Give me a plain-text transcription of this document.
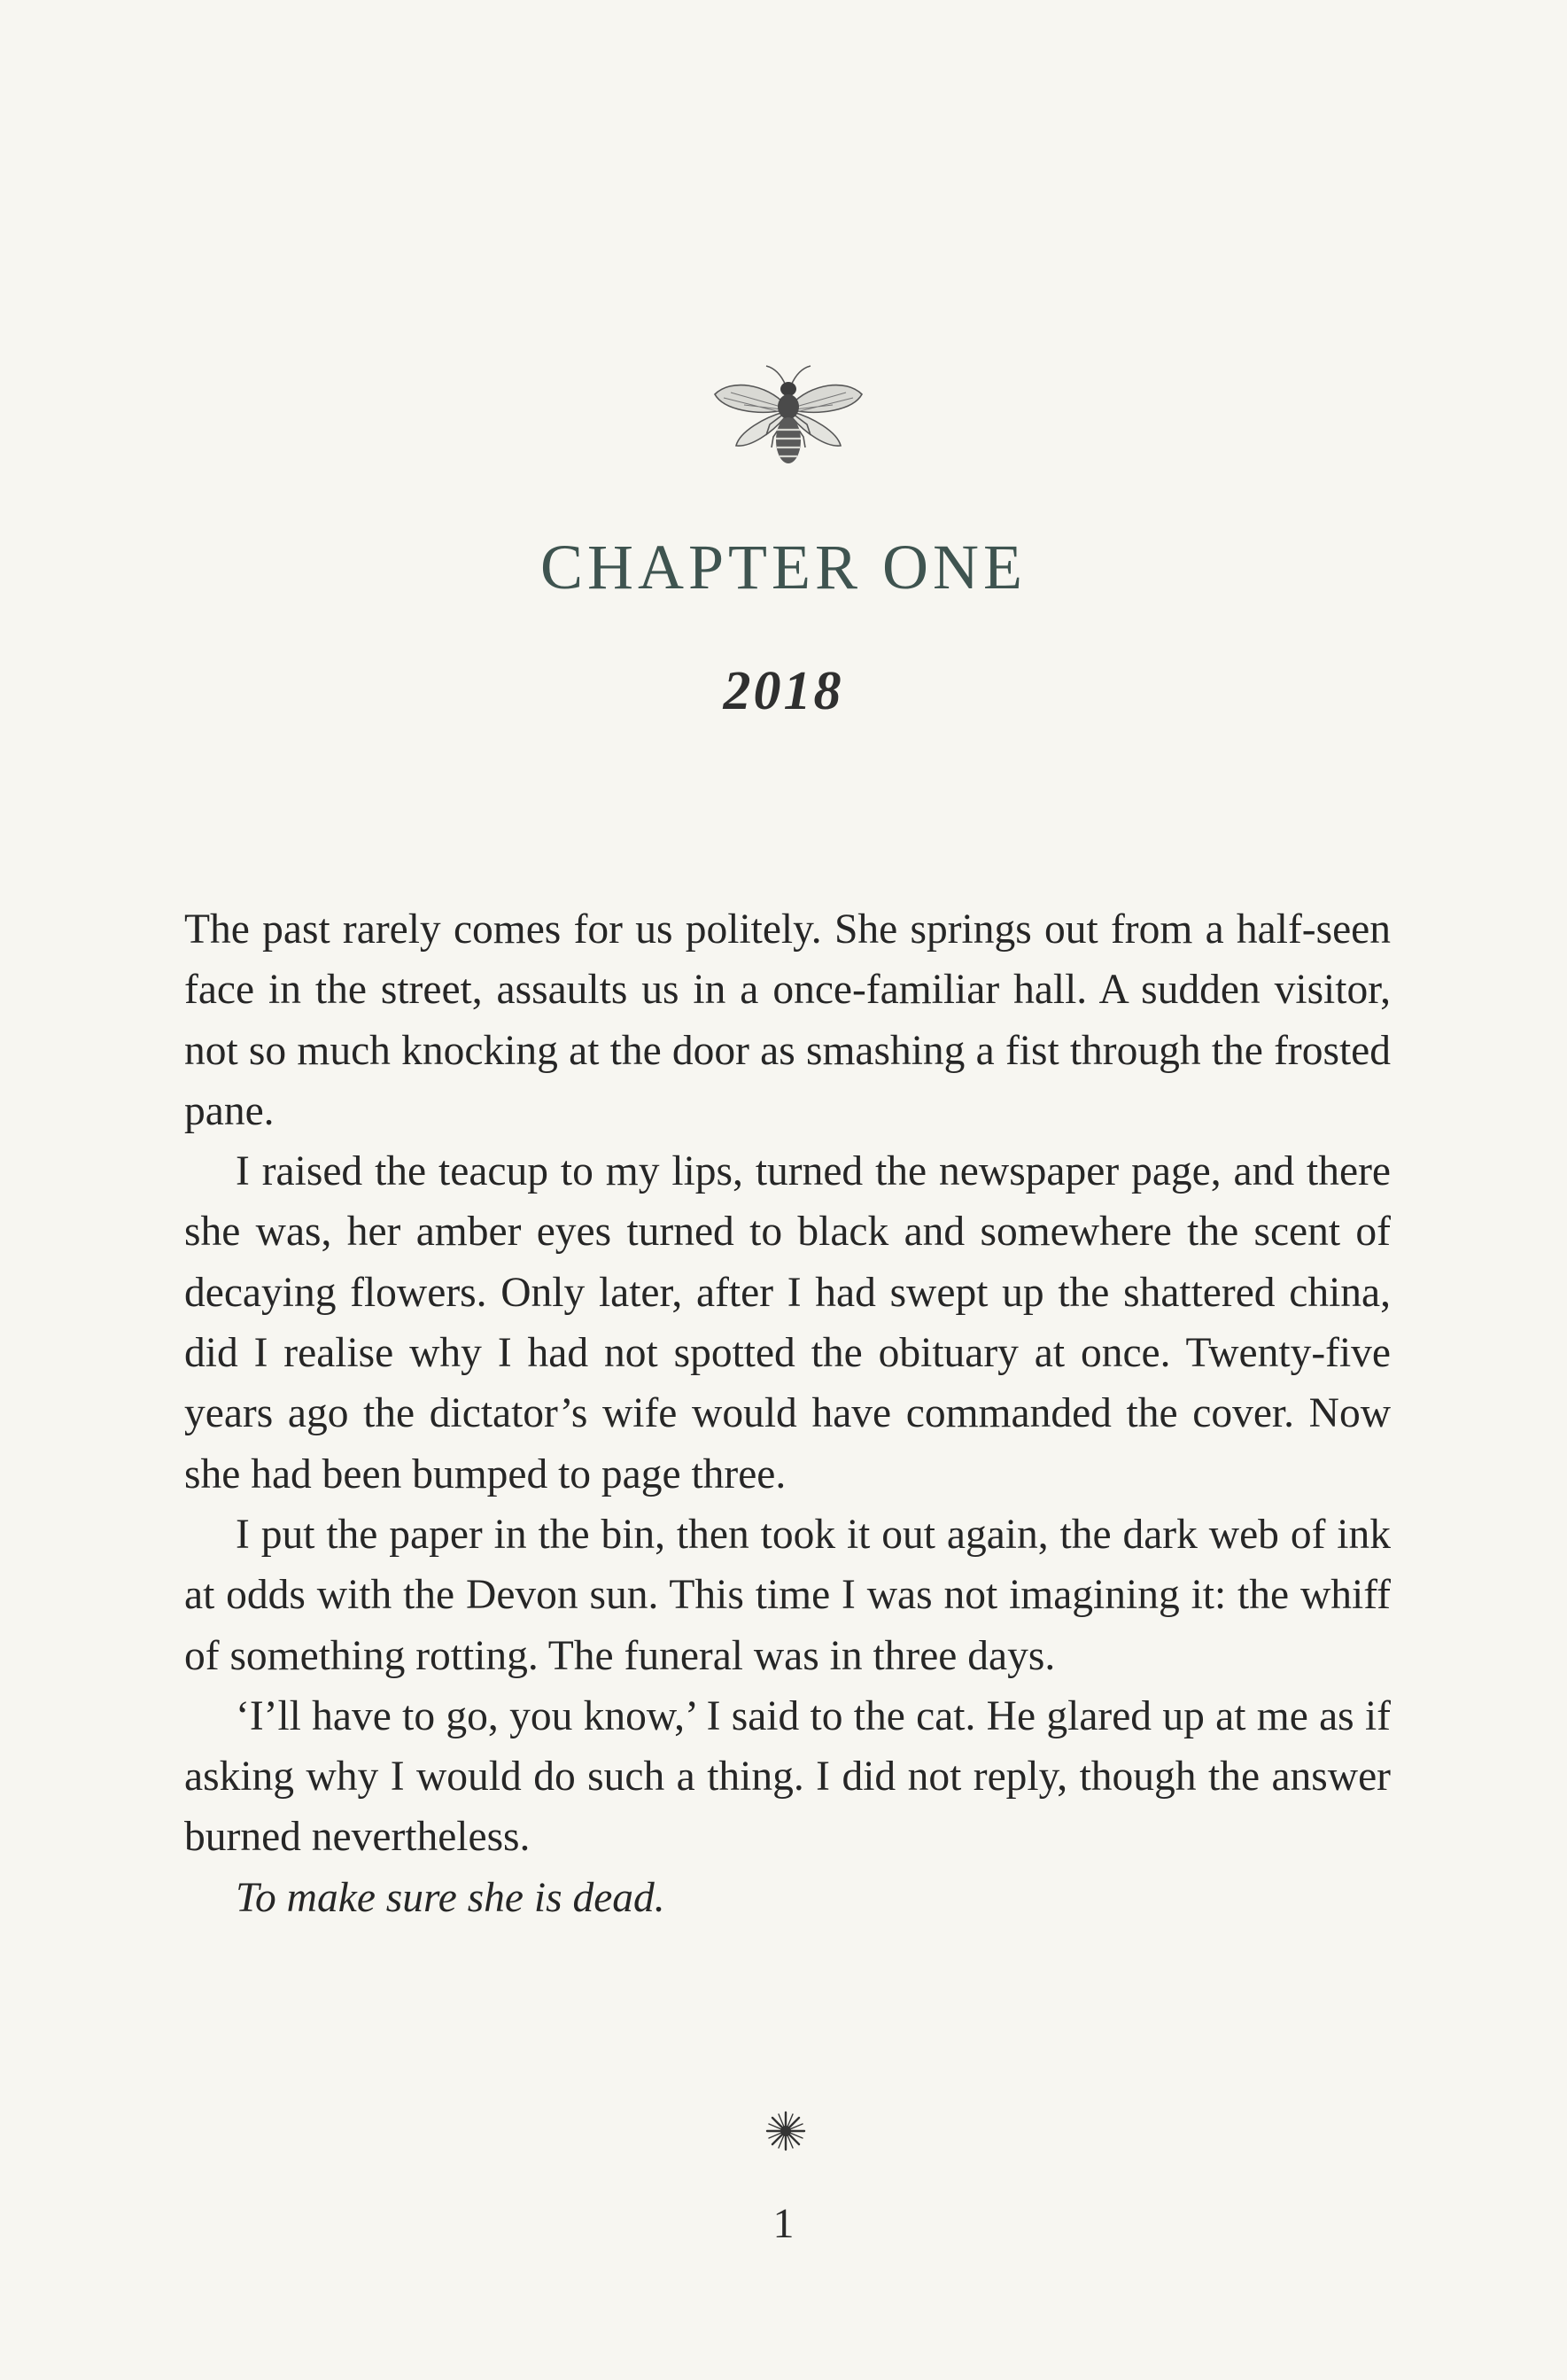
CHAPTER ONE
2018

The past rarely comes for us politely. She springs out from a half-seen face in the street, assaults us in a once-familiar hall. A sudden visitor, not so much knocking at the door as smashing a fist through the frosted pane.

I raised the teacup to my lips, turned the newspaper page, and there she was, her amber eyes turned to black and somewhere the scent of decaying flowers. Only later, after I had swept up the shattered china, did I realise why I had not spotted the obituary at once. Twenty-five years ago the dictator’s wife would have commanded the cover. Now she had been bumped to page three.

I put the paper in the bin, then took it out again, the dark web of ink at odds with the Devon sun. This time I was not imagining it: the whiff of something rotting. The funeral was in three days.

‘I’ll have to go, you know,’ I said to the cat. He glared up at me as if asking why I would do such a thing. I did not reply, though the answer burned nevertheless.

To make sure she is dead.

1
